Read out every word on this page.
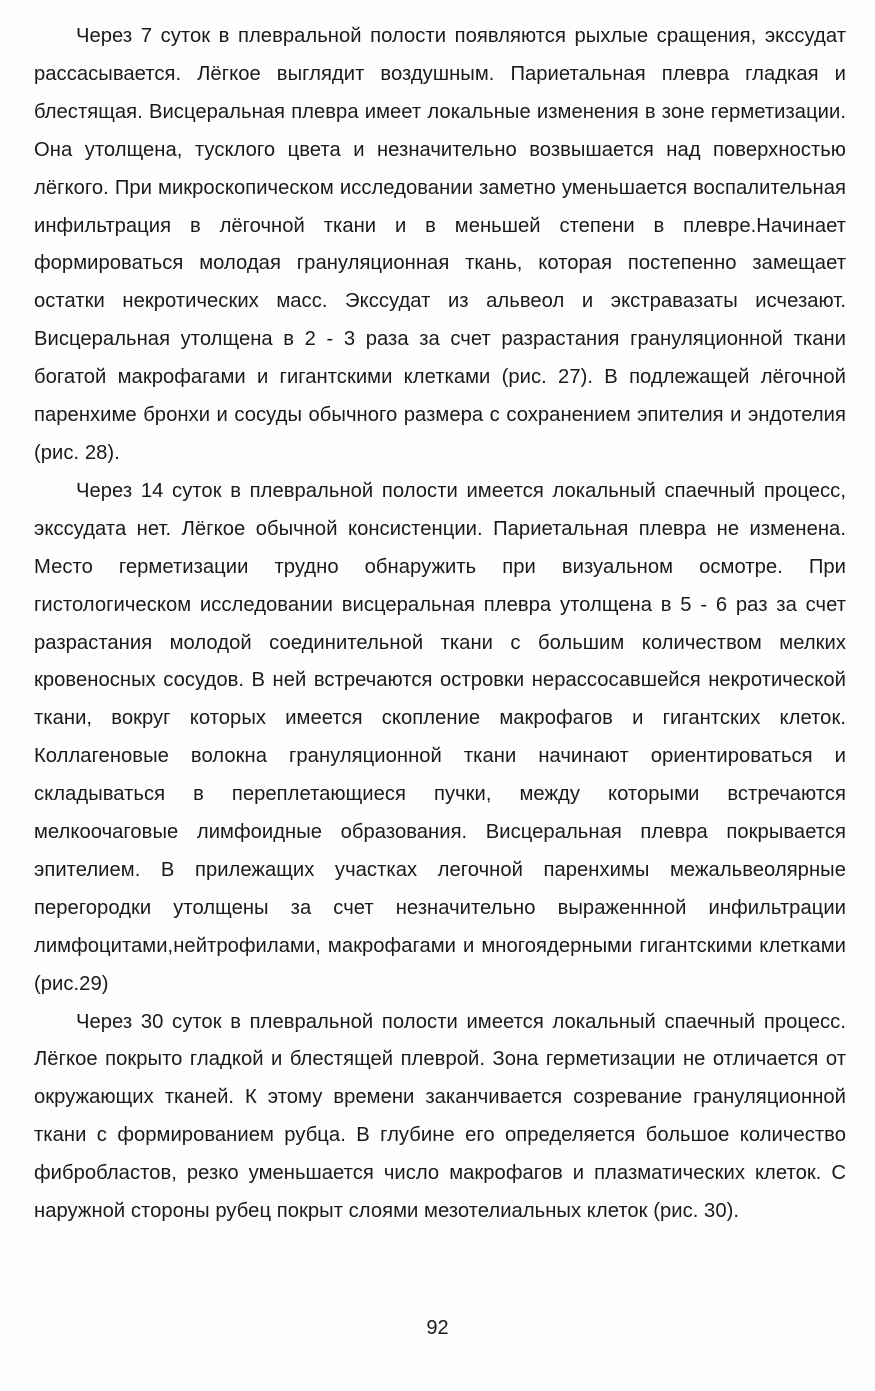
Через 7 суток в плевральной полости появляются рыхлые сращения, экссудат рассасывается. Лёгкое выглядит воздушным. Париетальная плевра гладкая и блестящая. Висцеральная плевра имеет локальные изменения в зоне герметизации. Она утолщена, тусклого цвета и незначительно возвышается над поверхностью лёгкого. При микроскопическом исследовании заметно уменьшается воспалительная инфильтрация в лёгочной ткани и в меньшей степени в плевре.Начинает формироваться молодая грануляционная ткань, которая постепенно замещает остатки некротических масс. Экссудат из альвеол и экстравазаты исчезают. Висцеральная утолщена в 2 - 3 раза за счет разрастания грануляционной ткани богатой макрофагами и гигантскими клетками (рис. 27). В подлежащей лёгочной паренхиме бронхи и сосуды обычного размера с сохранением эпителия и эндотелия (рис. 28).

Через 14 суток в плевральной полости имеется локальный спаечный процесс, экссудата нет. Лёгкое обычной консистенции. Париетальная плевра не изменена. Место герметизации трудно обнаружить при визуальном осмотре. При гистологическом исследовании висцеральная плевра утолщена в 5 - 6 раз за счет разрастания молодой соединительной ткани с большим количеством мелких кровеносных сосудов. В ней встречаются островки нерассосавшейся некротической ткани, вокруг которых имеется скопление макрофагов и гигантских клеток. Коллагеновые волокна грануляционной ткани начинают ориентироваться и складываться в переплетающиеся пучки, между которыми встречаются мелкоочаговые лимфоидные образования. Висцеральная плевра покрывается эпителием. В прилежащих участках легочной паренхимы межальвеолярные перегородки утолщены за счет незначительно выраженнной инфильтрации лимфоцитами,нейтрофилами, макрофагами и многоядерными гигантскими клетками (рис.29)

Через 30 суток в плевральной полости имеется локальный спаечный процесс. Лёгкое покрыто гладкой и блестящей плеврой. Зона герметизации не отличается от окружающих тканей. К этому времени заканчивается созревание грануляционной ткани с формированием рубца. В глубине его определяется большое количество фибробластов, резко уменьшается число макрофагов и плазматических клеток. С наружной стороны рубец покрыт слоями мезотелиальных клеток (рис. 30).

92
